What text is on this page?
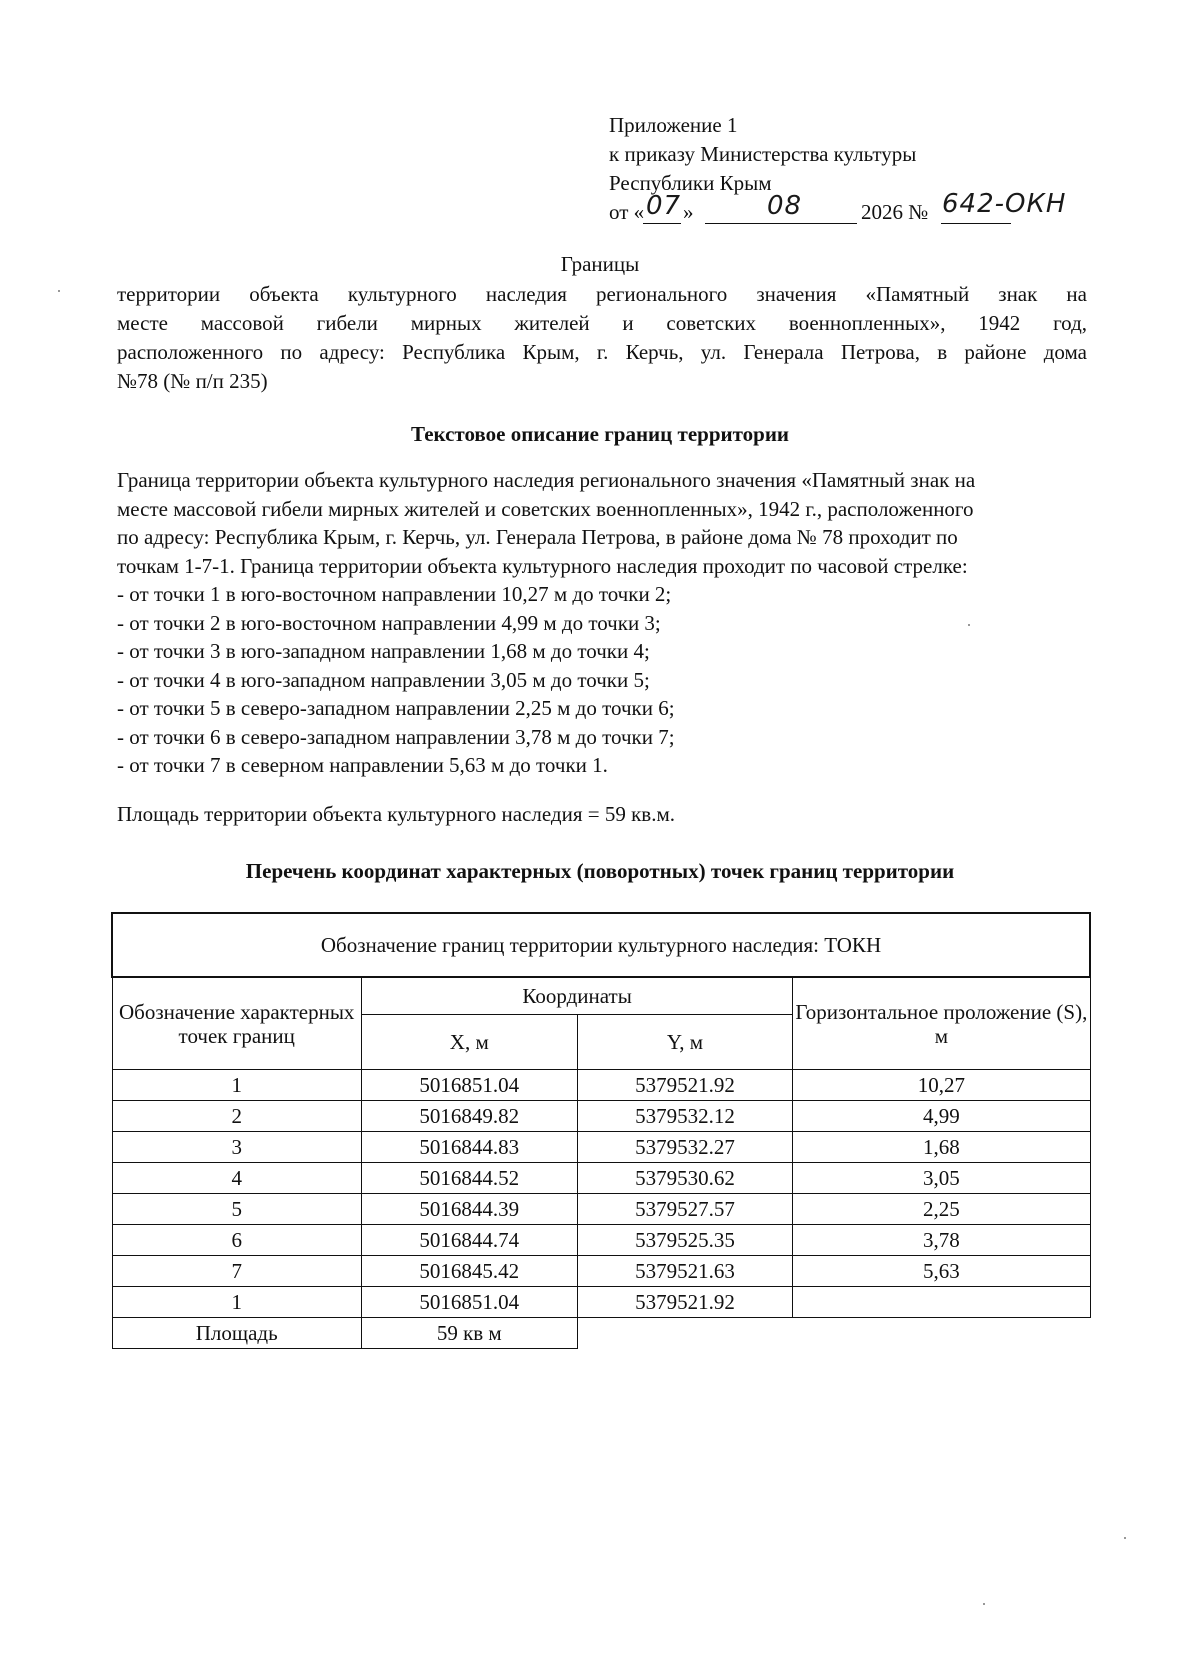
Приложение 1
к приказу Министерства культуры
Республики Крым
от « 07 »	08	2026 № 642-ОКН
Границы
территории объекта культурного наследия регионального значения «Памятный знак на
месте массовой гибели мирных жителей и советских военнопленных», 1942 год,
расположенного по адресу: Республика Крым, г. Керчь, ул. Генерала Петрова, в районе дома
№78 (№ п/п 235)
Текстовое описание границ территории
Граница территории объекта культурного наследия регионального значения «Памятный знак на
месте массовой гибели мирных жителей и советских военнопленных», 1942 г., расположенного
по адресу: Республика Крым, г. Керчь, ул. Генерала Петрова, в районе дома № 78 проходит по
точкам 1-7-1. Граница территории объекта культурного наследия проходит по часовой стрелке:
- от точки 1 в юго-восточном направлении 10,27 м до точки 2;
- от точки 2 в юго-восточном направлении 4,99 м до точки 3;
- от точки 3 в юго-западном направлении 1,68 м до точки 4;
- от точки 4 в юго-западном направлении 3,05 м до точки 5;
- от точки 5 в северо-западном направлении 2,25 м до точки 6;
- от точки 6 в северо-западном направлении 3,78 м до точки 7;
- от точки 7 в северном направлении 5,63 м до точки 1.
Площадь территории объекта культурного наследия = 59 кв.м.
Перечень координат характерных (поворотных) точек границ территории
Обозначение границ территории культурного наследия: ТОКН			
Обозначение характерных точек границ	Координаты		Горизонтальное проложение (S), м
	X, м	Y, м	
1	5016851.04	5379521.92	10,27
2	5016849.82	5379532.12	4,99
3	5016844.83	5379532.27	1,68
4	5016844.52	5379530.62	3,05
5	5016844.39	5379527.57	2,25
6	5016844.74	5379525.35	3,78
7	5016845.42	5379521.63	5,63
1	5016851.04	5379521.92	
Площадь	59 кв м		
